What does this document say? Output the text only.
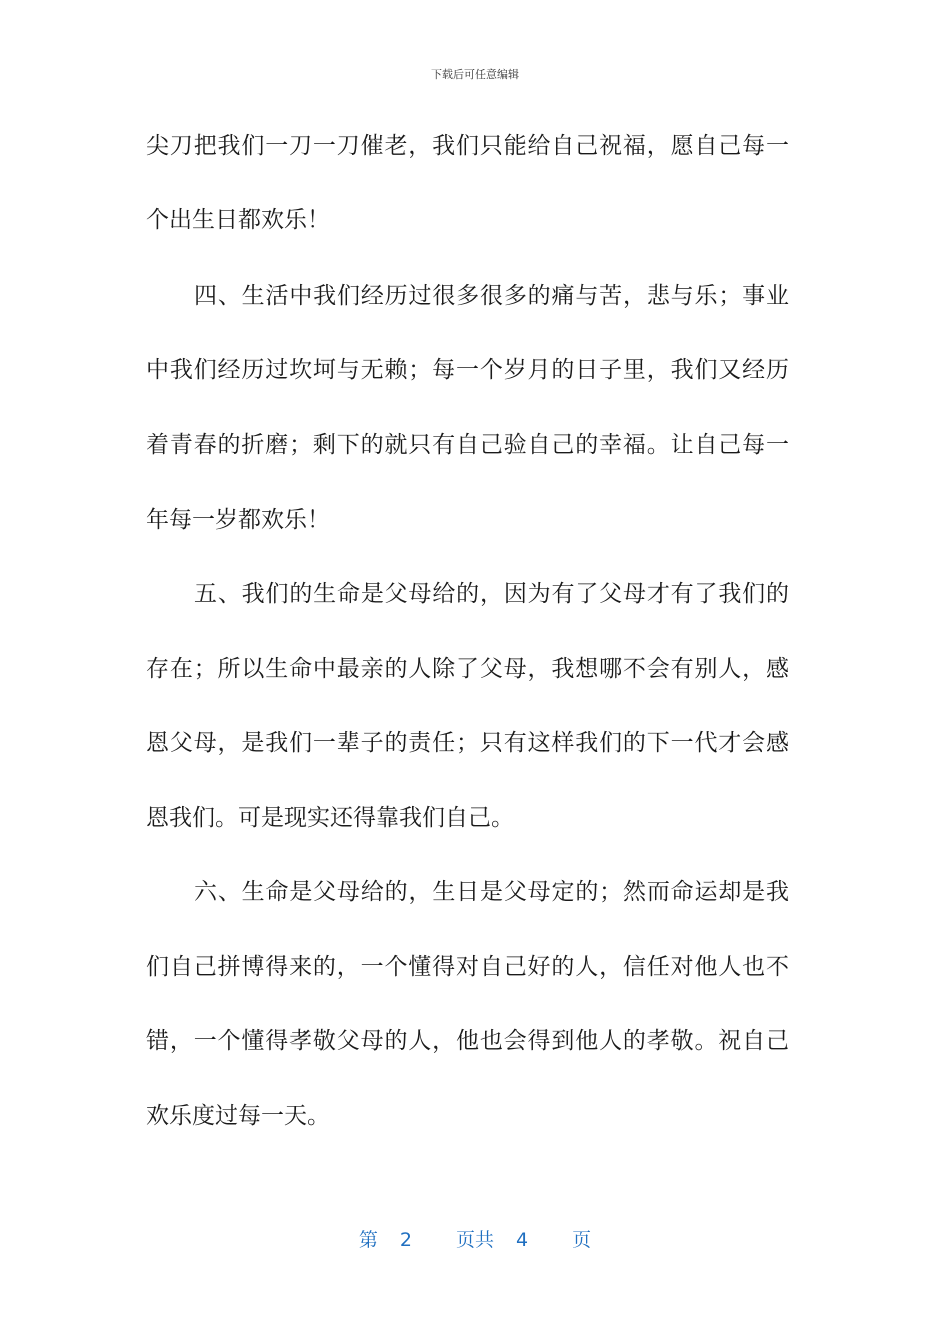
下载后可任意编辑
尖刀把我们一刀一刀催老，我们只能给自己祝福，愿自己每一
个出生日都欢乐！
四、生活中我们经历过很多很多的痛与苦，悲与乐；事业
中我们经历过坎坷与无赖；每一个岁月的日子里，我们又经历
着青春的折磨；剩下的就只有自己验自己的幸福。让自己每一
年每一岁都欢乐！
五、我们的生命是父母给的，因为有了父母才有了我们的
存在；所以生命中最亲的人除了父母，我想哪不会有别人，感
恩父母，是我们一辈子的责任；只有这样我们的下一代才会感
恩我们。可是现实还得靠我们自己。
六、生命是父母给的，生日是父母定的；然而命运却是我
们自己拼博得来的，一个懂得对自己好的人，信任对他人也不
错，一个懂得孝敬父母的人，他也会得到他人的孝敬。祝自己
欢乐度过每一天。
第 2 页共 4 页
